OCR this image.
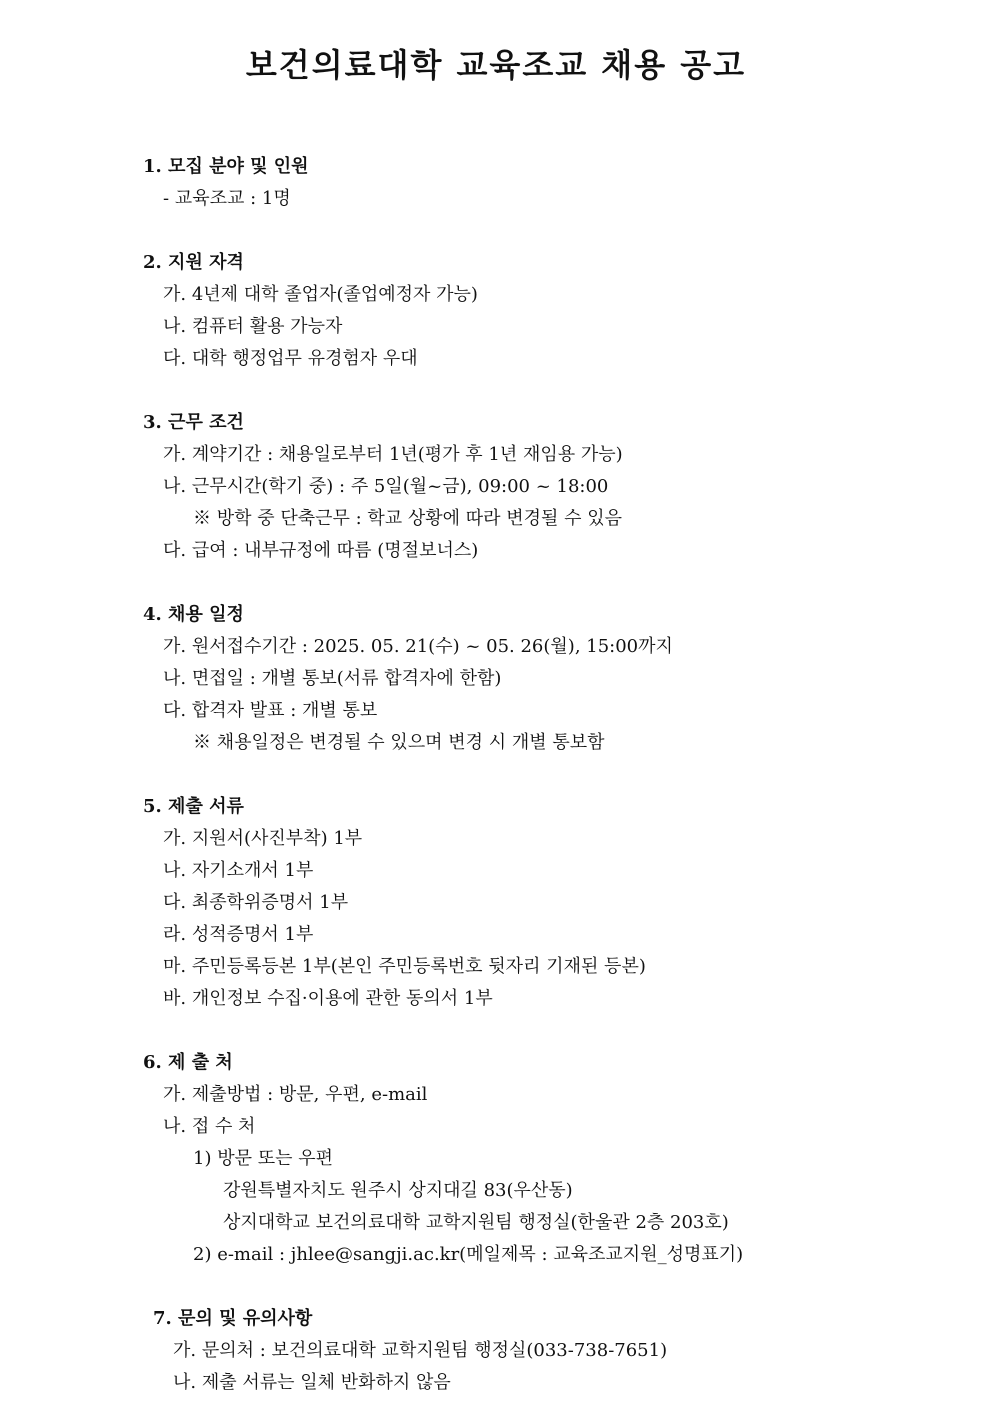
보건의료대학 교육조교 채용 공고
1. 모집 분야 및 인원
- 교육조교 : 1명
2. 지원 자격
가. 4년제 대학 졸업자(졸업예정자 가능)
나. 컴퓨터 활용 가능자
다. 대학 행정업무 유경험자 우대
3. 근무 조건
가. 계약기간 : 채용일로부터 1년(평가 후 1년 재임용 가능)
나. 근무시간(학기 중) : 주 5일(월~금), 09:00 ~ 18:00
※ 방학 중 단축근무 : 학교 상황에 따라 변경될 수 있음
다. 급여 : 내부규정에 따름 (명절보너스)
4. 채용 일정
가. 원서접수기간 : 2025. 05. 21(수) ~ 05. 26(월), 15:00까지
나. 면접일 : 개별 통보(서류 합격자에 한함)
다. 합격자 발표 : 개별 통보
※ 채용일정은 변경될 수 있으며 변경 시 개별 통보함
5. 제출 서류
가. 지원서(사진부착) 1부
나. 자기소개서 1부
다. 최종학위증명서 1부
라. 성적증명서 1부
마. 주민등록등본 1부(본인 주민등록번호 뒷자리 기재된 등본)
바. 개인정보 수집·이용에 관한 동의서 1부
6. 제 출 처
가. 제출방법 : 방문, 우편, e-mail
나. 접 수 처
1) 방문 또는 우편
강원특별자치도 원주시 상지대길 83(우산동)
상지대학교 보건의료대학 교학지원팀 행정실(한울관 2층 203호)
2) e-mail : jhlee@sangji.ac.kr(메일제목 : 교육조교지원_성명표기)
7. 문의 및 유의사항
가. 문의처 : 보건의료대학 교학지원팀 행정실(033-738-7651)
나. 제출 서류는 일체 반화하지 않음
